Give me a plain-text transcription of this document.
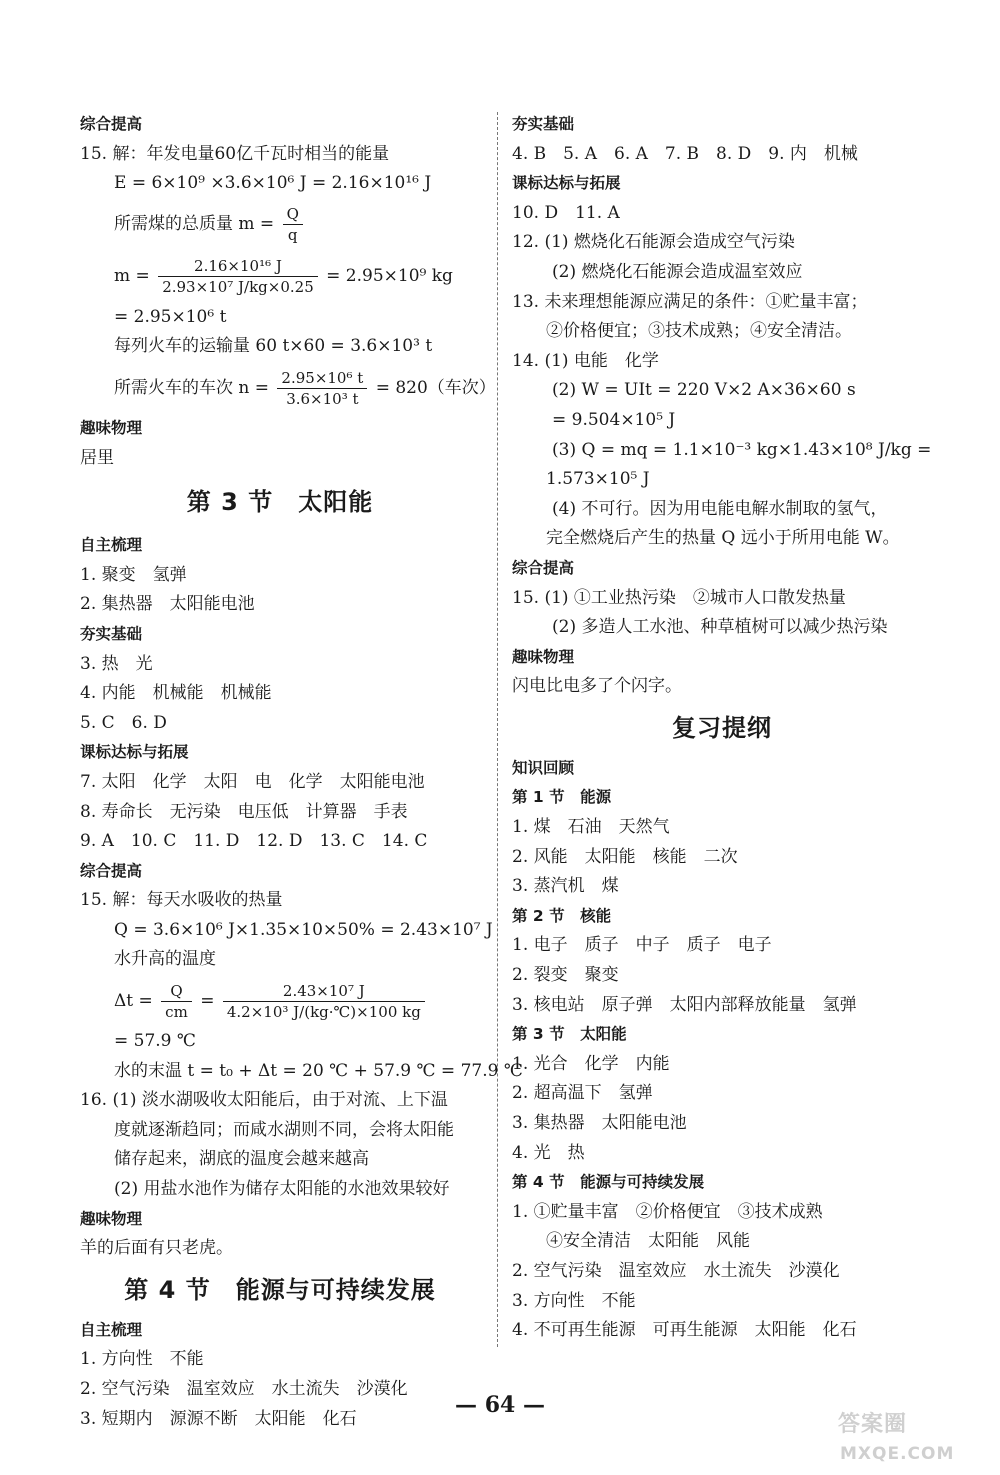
综合提高
15. 解：年发电量60亿千瓦时相当的能量
E = 6×10⁹ ×3.6×10⁶ J = 2.16×10¹⁶ J
所需煤的总质量 $m = \frac{Q}{q}$
$m = \frac{\text{2.16×10¹⁶ J}}{\text{2.93×10⁷ J/kg×0.25}} = 2.95\times 10^9$ kg
= 2.95×10⁶ t
每列火车的运输量 60 t×60 = 3.6×10³ t
所需火车的车次 $n = \frac{\text{2.95×10⁶ t}}{\text{3.6×10³ t}} = 820$（车次）
趣味物理
居里
第 3 节　太阳能
自主梳理
1. 聚变　氢弹
2. 集热器　太阳能电池
夯实基础
3. 热　光
4. 内能　机械能　机械能
5. C　6. D
课标达标与拓展
7. 太阳　化学　太阳　电　化学　太阳能电池
8. 寿命长　无污染　电压低　计算器　手表
9. A　10. C　11. D　12. D　13. C　14. C
综合提高
15. 解：每天水吸收的热量
Q = 3.6×10⁶ J×1.35×10×50% = 2.43×10⁷ J
水升高的温度
$\Delta t = \frac{Q}{cm} = \frac{\text{2.43×10⁷ J}}{\text{4.2×10³ J/(kg·℃)×100 kg}}$
= 57.9 ℃
水的末温 t = t₀ + Δt = 20 ℃ + 57.9 ℃ = 77.9 ℃
16. (1) 淡水湖吸收太阳能后，由于对流、上下温
度就逐渐趋同；而咸水湖则不同，会将太阳能
储存起来，湖底的温度会越来越高
(2) 用盐水池作为储存太阳能的水池效果较好
趣味物理
羊的后面有只老虎。
第 4 节　能源与可持续发展
自主梳理
1. 方向性　不能
2. 空气污染　温室效应　水土流失　沙漠化
3. 短期内　源源不断　太阳能　化石
夯实基础
4. B　5. A　6. A　7. B　8. D　9. 内　机械
课标达标与拓展
10. D　11. A
12. (1) 燃烧化石能源会造成空气污染
(2) 燃烧化石能源会造成温室效应
13. 未来理想能源应满足的条件：①贮量丰富；
②价格便宜；③技术成熟；④安全清洁。
14. (1) 电能　化学
(2) W = UIt = 220 V×2 A×36×60 s
= 9.504×10⁵ J
(3) Q = mq = 1.1×10⁻³ kg×1.43×10⁸ J/kg =
1.573×10⁵ J
(4) 不可行。因为用电能电解水制取的氢气，
完全燃烧后产生的热量 Q 远小于所用电能 W。
综合提高
15. (1) ①工业热污染　②城市人口散发热量
(2) 多造人工水池、种草植树可以减少热污染
趣味物理
闪电比电多了个闪字。
复习提纲
知识回顾
第 1 节　能源
1. 煤　石油　天然气
2. 风能　太阳能　核能　二次
3. 蒸汽机　煤
第 2 节　核能
1. 电子　质子　中子　质子　电子
2. 裂变　聚变
3. 核电站　原子弹　太阳内部释放能量　氢弹
第 3 节　太阳能
1. 光合　化学　内能
2. 超高温下　氢弹
3. 集热器　太阳能电池
4. 光　热
第 4 节　能源与可持续发展
1. ①贮量丰富　②价格便宜　③技术成熟
④安全清洁　太阳能　风能
2. 空气污染　温室效应　水土流失　沙漠化
3. 方向性　不能
4. 不可再生能源　可再生能源　太阳能　化石
— 64 —
答案圈
MXQE.COM
